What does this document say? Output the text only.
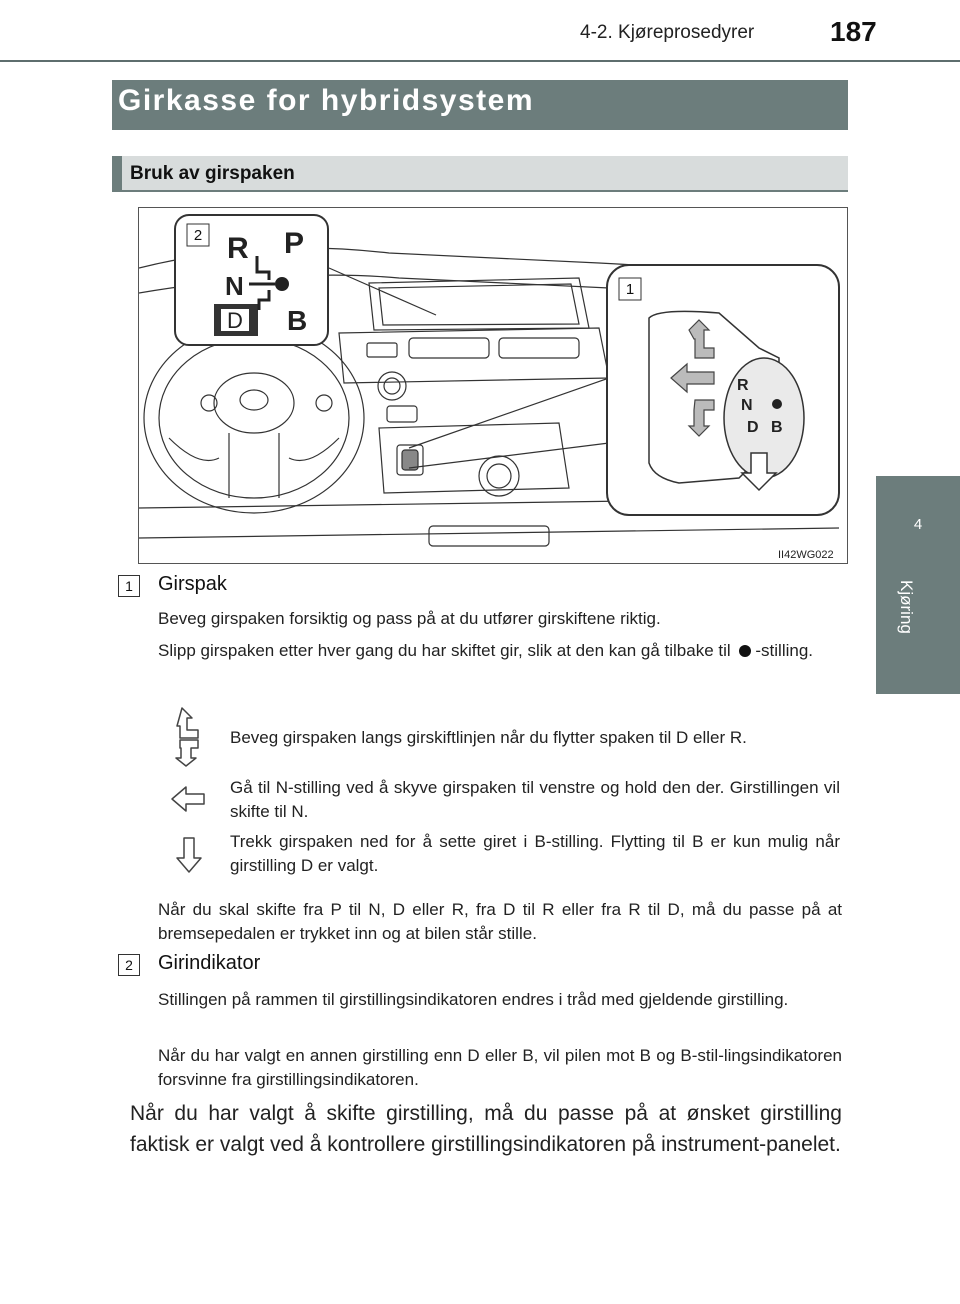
4-2. Kjøreprosedyrer	187
4
Kjøring
Girkasse for hybridsystem
Bruk av girspaken
2 R P
N
D B
1
R
N
D B
II42WG022
1	Girspak
Beveg girspaken forsiktig og pass på at du utfører girskiftene riktig.
Slipp girspaken etter hver gang du har skiftet gir, slik at den kan gå tilbake til -stilling.
Beveg girspaken langs girskiftlinjen når du flytter spaken til D eller R.
Gå til N-stilling ved å skyve girspaken til venstre og hold den der. Girstillingen vil skifte til N.
Trekk girspaken ned for å sette giret i B-stilling. Flytting til B er kun mulig når girstilling D er valgt.
Når du skal skifte fra P til N, D eller R, fra D til R eller fra R til D, må du passe på at bremsepedalen er trykket inn og at bilen står stille.
2	Girindikator
Stillingen på rammen til girstillingsindikatoren endres i tråd med gjeldende girstilling.
Når du har valgt en annen girstilling enn D eller B, vil pilen mot B og B-stil-lingsindikatoren forsvinne fra girstillingsindikatoren.
Når du har valgt å skifte girstilling, må du passe på at ønsket girstilling faktisk er valgt ved å kontrollere girstillingsindikatoren på instrument-panelet.
